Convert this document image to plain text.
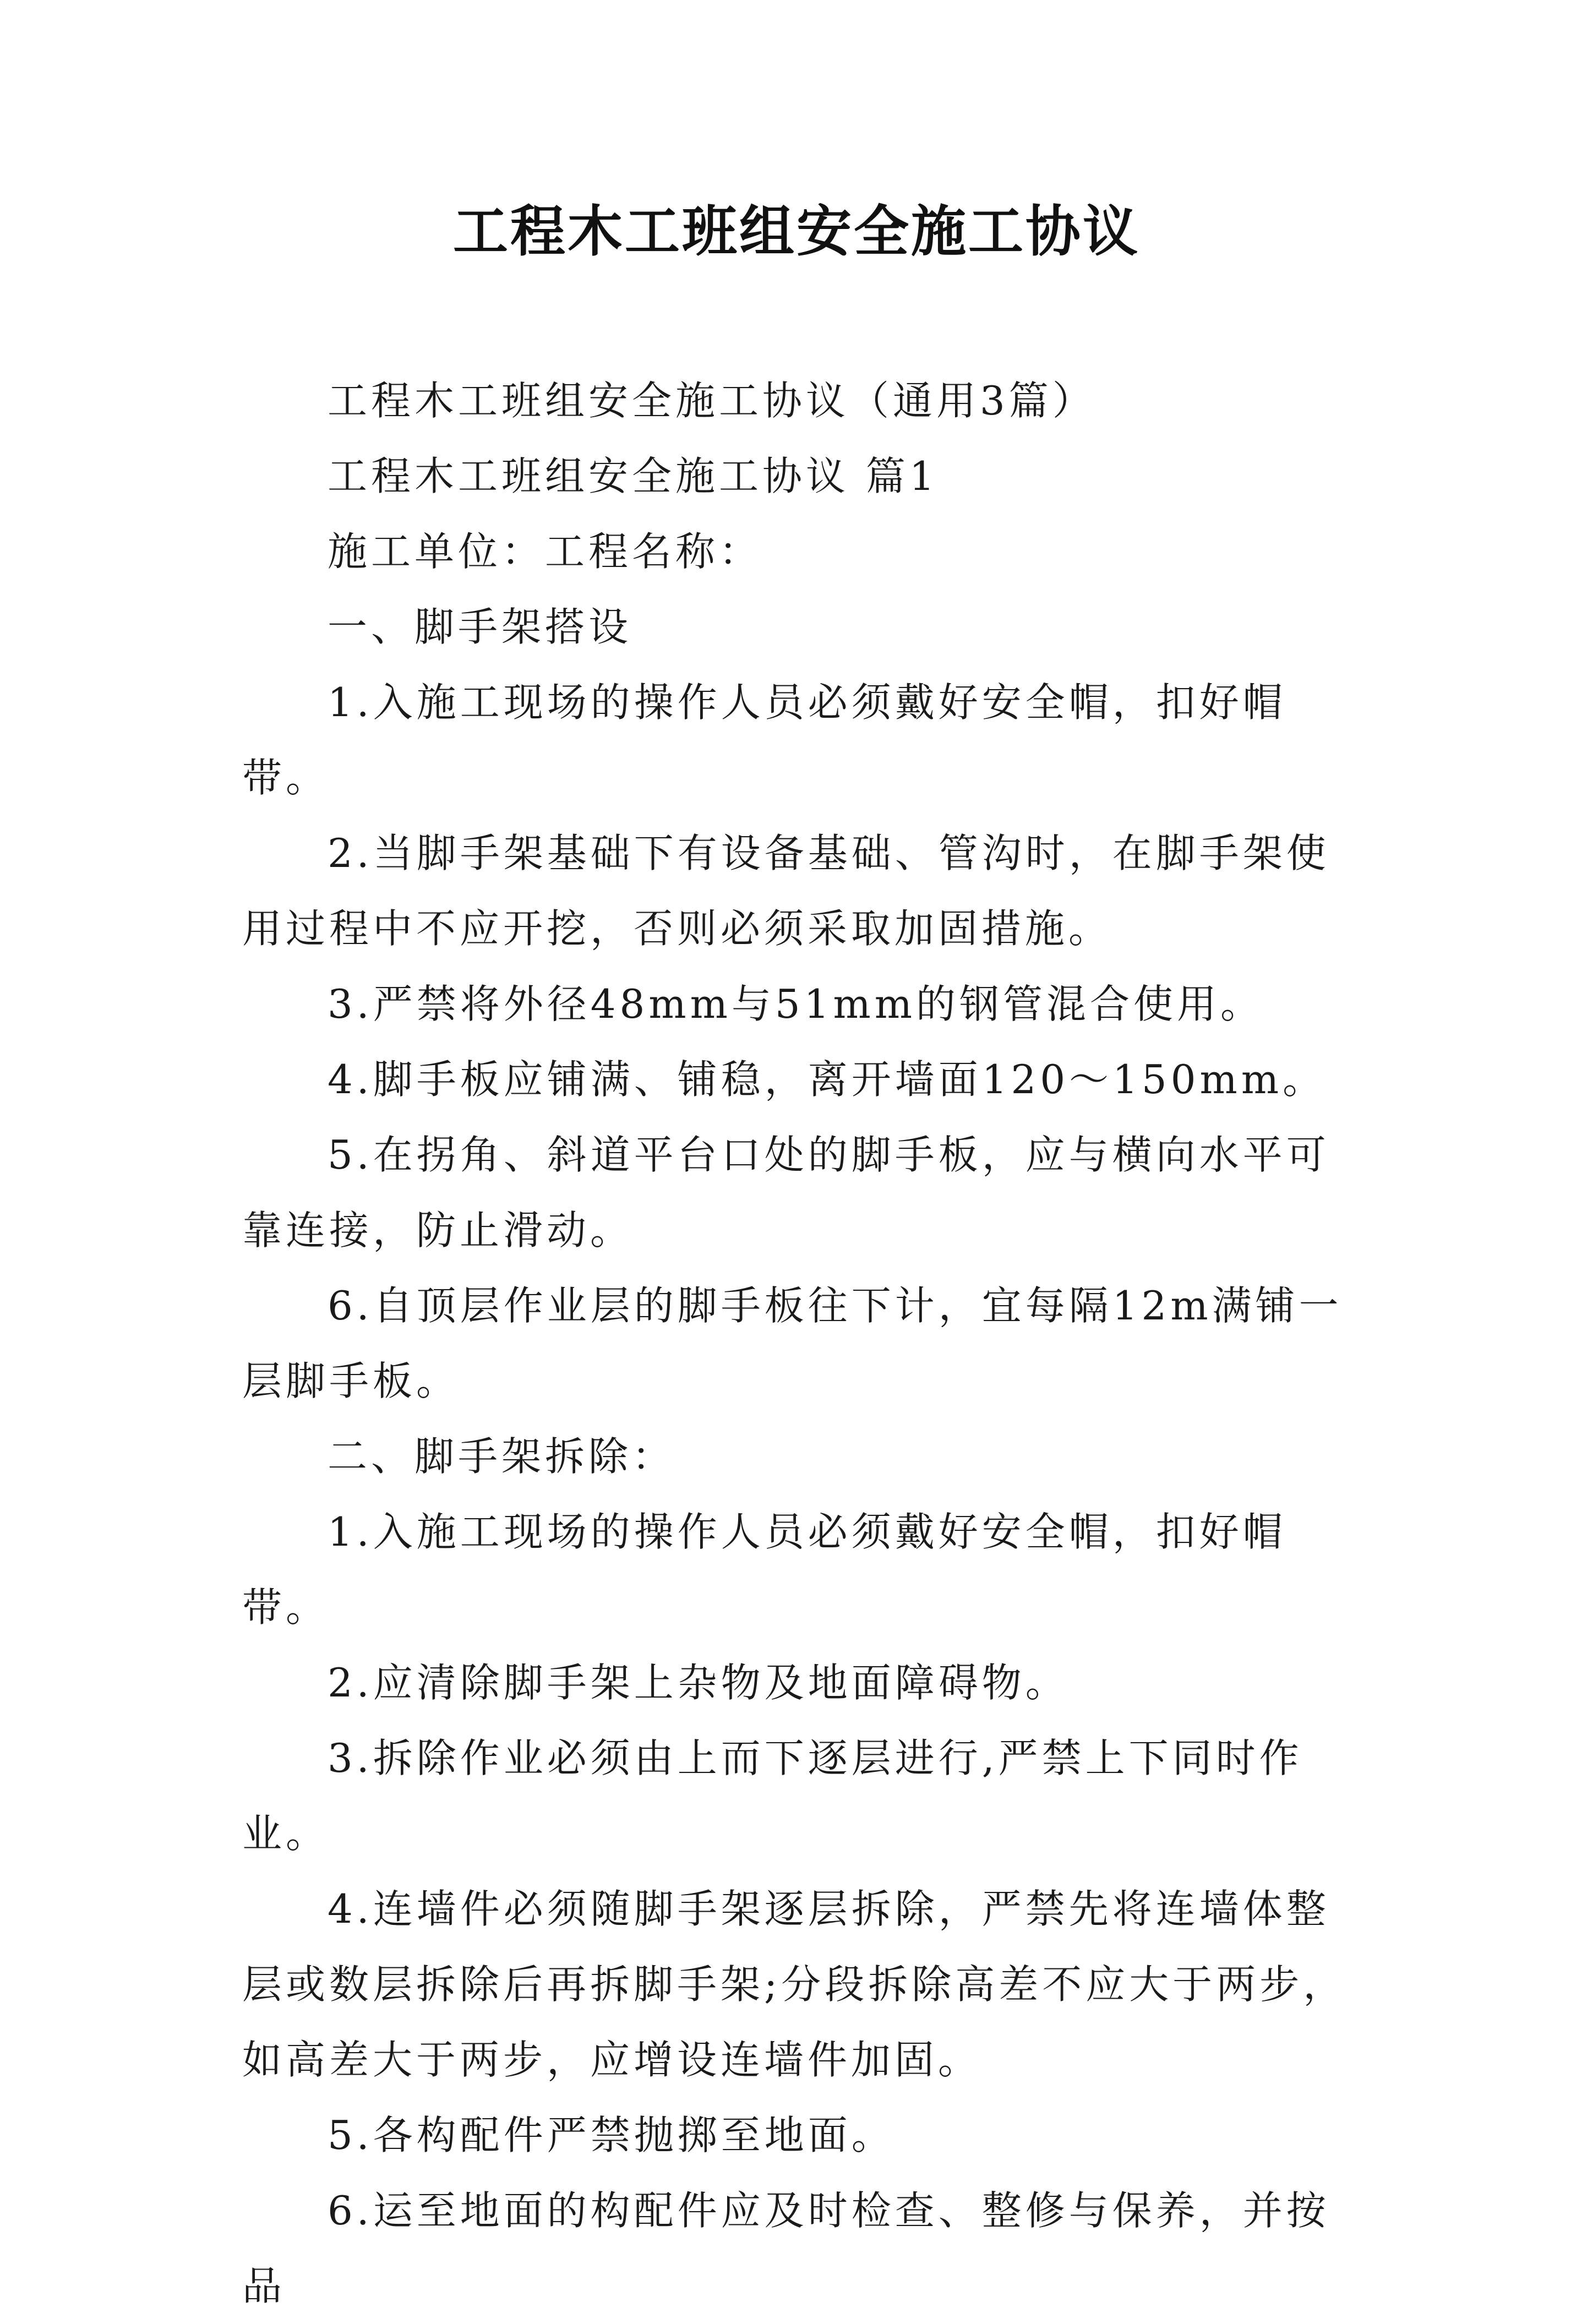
工程木工班组安全施工协议

工程木工班组安全施工协议（通用3篇）

工程木工班组安全施工协议 篇1

施工单位：工程名称：

一、脚手架搭设

1.入施工现场的操作人员必须戴好安全帽，扣好帽带。

2.当脚手架基础下有设备基础、管沟时，在脚手架使用过程中不应开挖，否则必须采取加固措施。

3.严禁将外径48mm与51mm的钢管混合使用。

4.脚手板应铺满、铺稳，离开墙面120～150mm。

5.在拐角、斜道平台口处的脚手板，应与横向水平可靠连接，防止滑动。

6.自顶层作业层的脚手板往下计，宜每隔12m满铺一层脚手板。

二、脚手架拆除：

1.入施工现场的操作人员必须戴好安全帽，扣好帽带。

2.应清除脚手架上杂物及地面障碍物。

3.拆除作业必须由上而下逐层进行,严禁上下同时作业。

4.连墙件必须随脚手架逐层拆除，严禁先将连墙体整层或数层拆除后再拆脚手架;分段拆除高差不应大于两步，如高差大于两步，应增设连墙件加固。

5.各构配件严禁抛掷至地面。

6.运至地面的构配件应及时检查、整修与保养，并按品
